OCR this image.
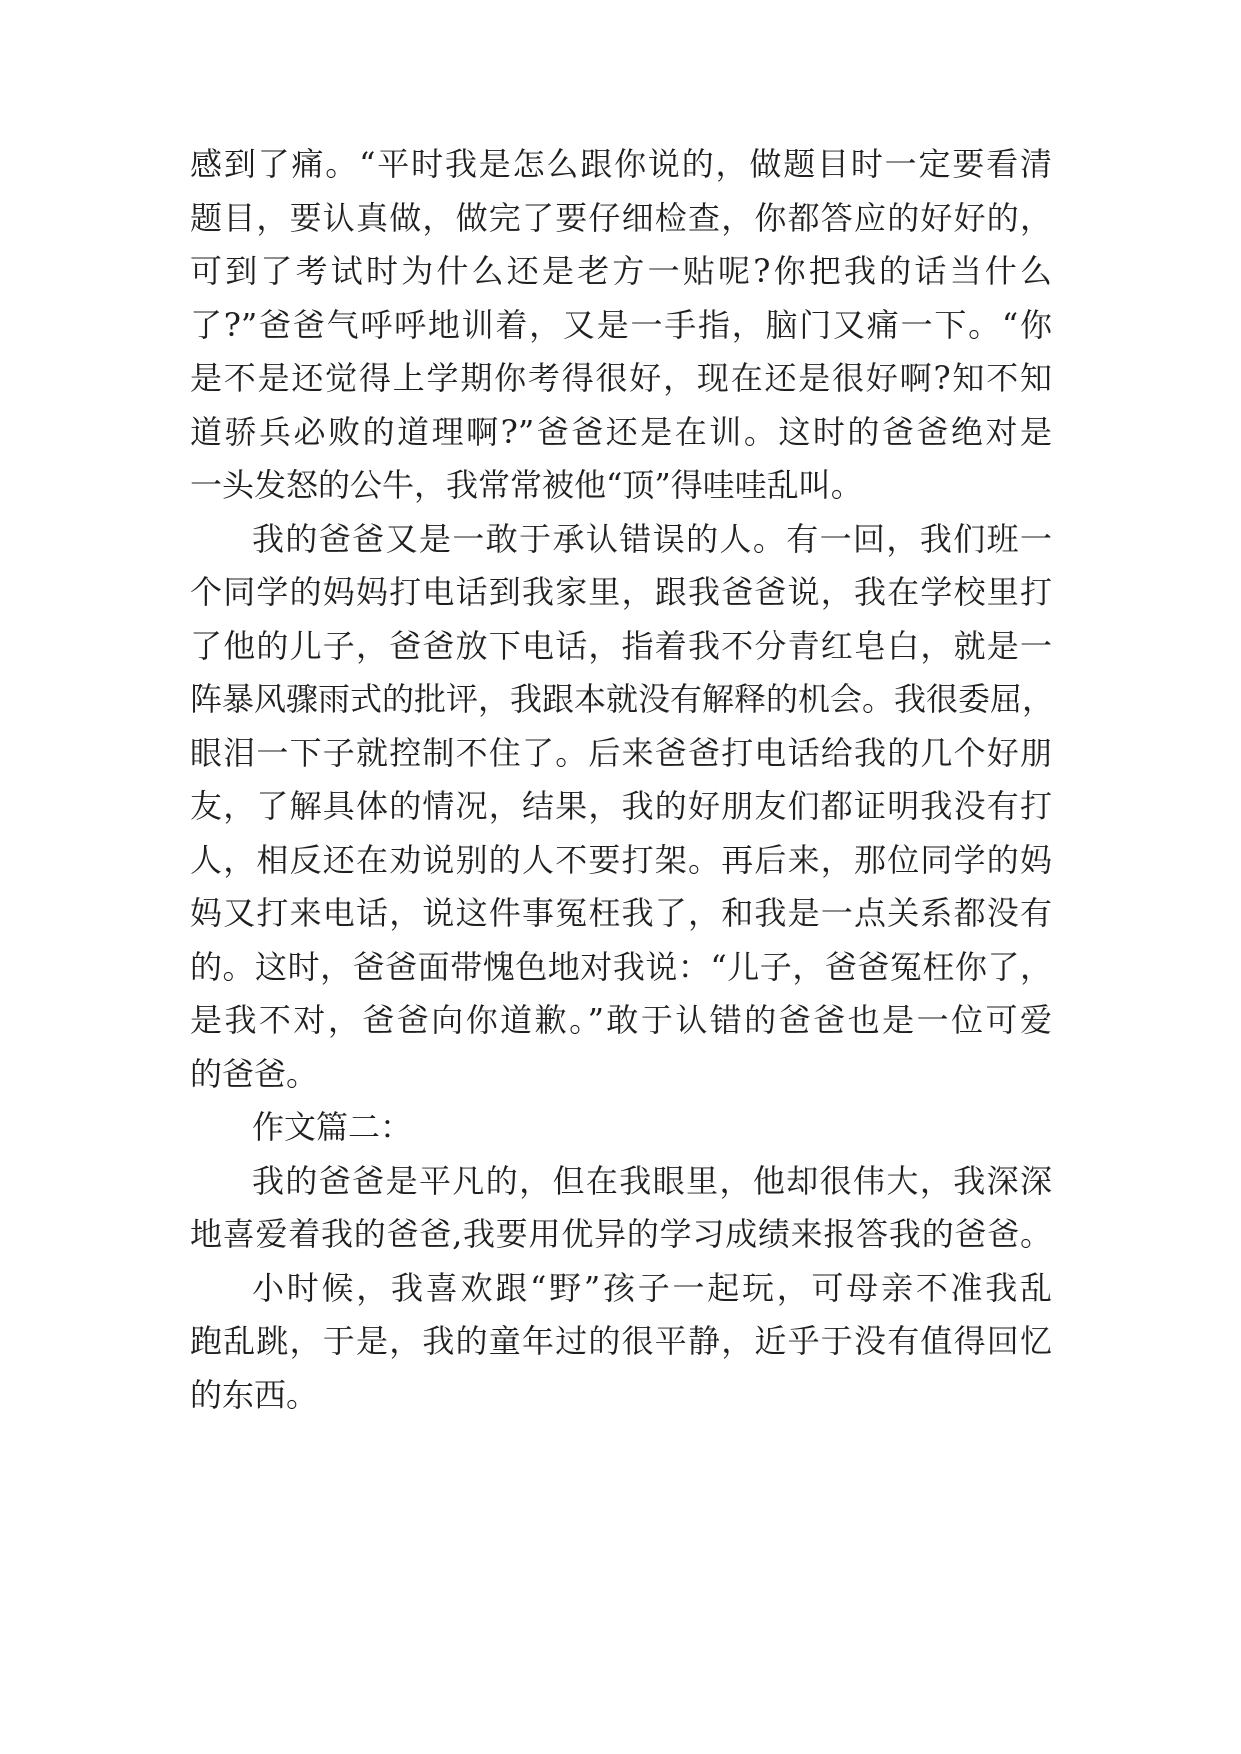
感到了痛。“平时我是怎么跟你说的，做题目时一定要看清
题目，要认真做，做完了要仔细检查，你都答应的好好的，
可到了考试时为什么还是老方一贴呢?你把我的话当什么
了?”爸爸气呼呼地训着，又是一手指，脑门又痛一下。“你
是不是还觉得上学期你考得很好，现在还是很好啊?知不知
道骄兵必败的道理啊?”爸爸还是在训。这时的爸爸绝对是
一头发怒的公牛，我常常被他“顶”得哇哇乱叫。
我的爸爸又是一敢于承认错误的人。有一回，我们班一
个同学的妈妈打电话到我家里，跟我爸爸说，我在学校里打
了他的儿子，爸爸放下电话，指着我不分青红皂白，就是一
阵暴风骤雨式的批评，我跟本就没有解释的机会。我很委屈，
眼泪一下子就控制不住了。后来爸爸打电话给我的几个好朋
友，了解具体的情况，结果，我的好朋友们都证明我没有打
人，相反还在劝说别的人不要打架。再后来，那位同学的妈
妈又打来电话，说这件事冤枉我了，和我是一点关系都没有
的。这时，爸爸面带愧色地对我说：“儿子，爸爸冤枉你了，
是我不对，爸爸向你道歉。”敢于认错的爸爸也是一位可爱
的爸爸。
作文篇二：
我的爸爸是平凡的，但在我眼里，他却很伟大，我深深
地喜爱着我的爸爸,我要用优异的学习成绩来报答我的爸爸。
小时候，我喜欢跟“野”孩子一起玩，可母亲不准我乱
跑乱跳，于是，我的童年过的很平静，近乎于没有值得回忆
的东西。
